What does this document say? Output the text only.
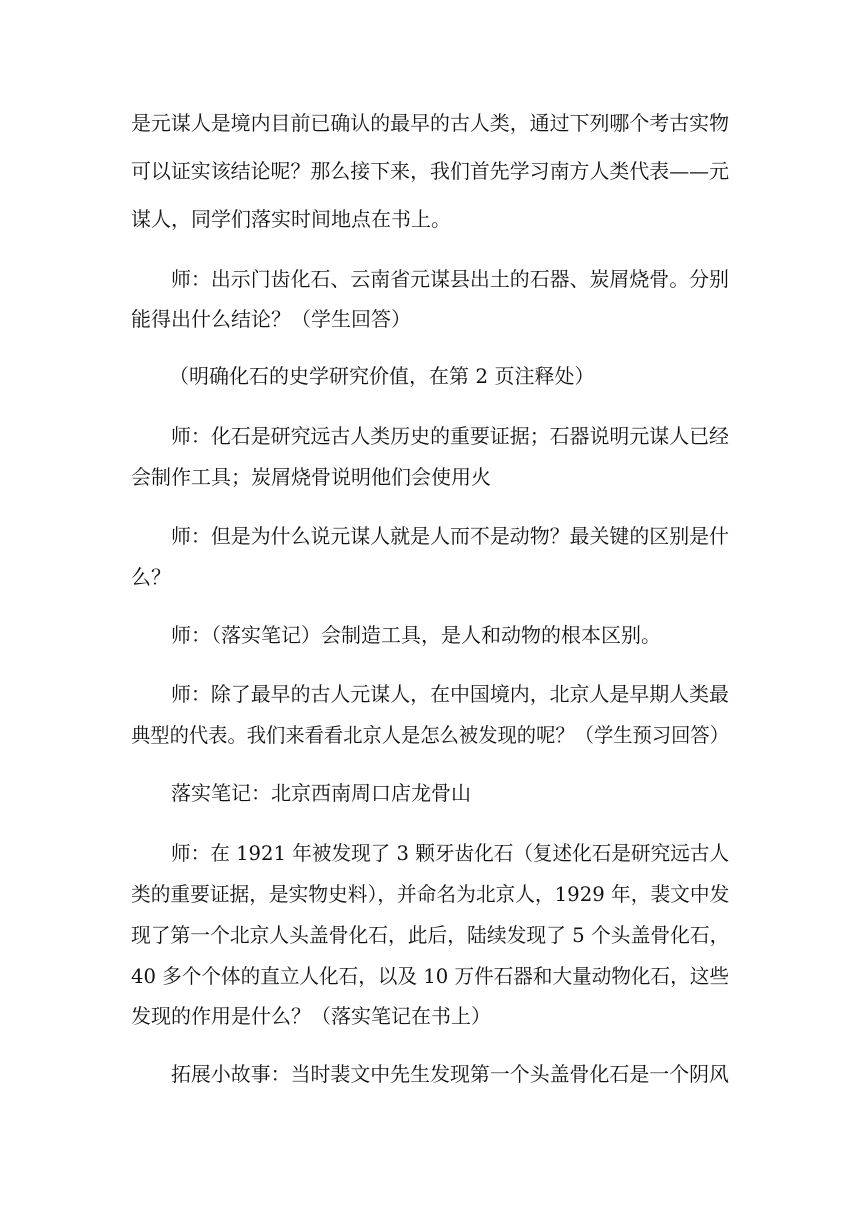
是元谋人是境内目前已确认的最早的古人类，通过下列哪个考古实物

可以证实该结论呢？那么接下来，我们首先学习南方人类代表——元

谋人，同学们落实时间地点在书上。

师：出示门齿化石、云南省元谋县出土的石器、炭屑烧骨。分别

能得出什么结论？（学生回答）

（明确化石的史学研究价值，在第 2 页注释处）

师：化石是研究远古人类历史的重要证据；石器说明元谋人已经

会制作工具；炭屑烧骨说明他们会使用火

师：但是为什么说元谋人就是人而不是动物？最关键的区别是什

么？

师：（落实笔记）会制造工具，是人和动物的根本区别。

师：除了最早的古人元谋人，在中国境内，北京人是早期人类最

典型的代表。我们来看看北京人是怎么被发现的呢？（学生预习回答）

落实笔记：北京西南周口店龙骨山

师：在 1921 年被发现了 3 颗牙齿化石（复述化石是研究远古人

类的重要证据，是实物史料），并命名为北京人，1929 年，裴文中发

现了第一个北京人头盖骨化石，此后，陆续发现了 5 个头盖骨化石，

40 多个个体的直立人化石，以及 10 万件石器和大量动物化石，这些

发现的作用是什么？（落实笔记在书上）

拓展小故事：当时裴文中先生发现第一个头盖骨化石是一个阴风
